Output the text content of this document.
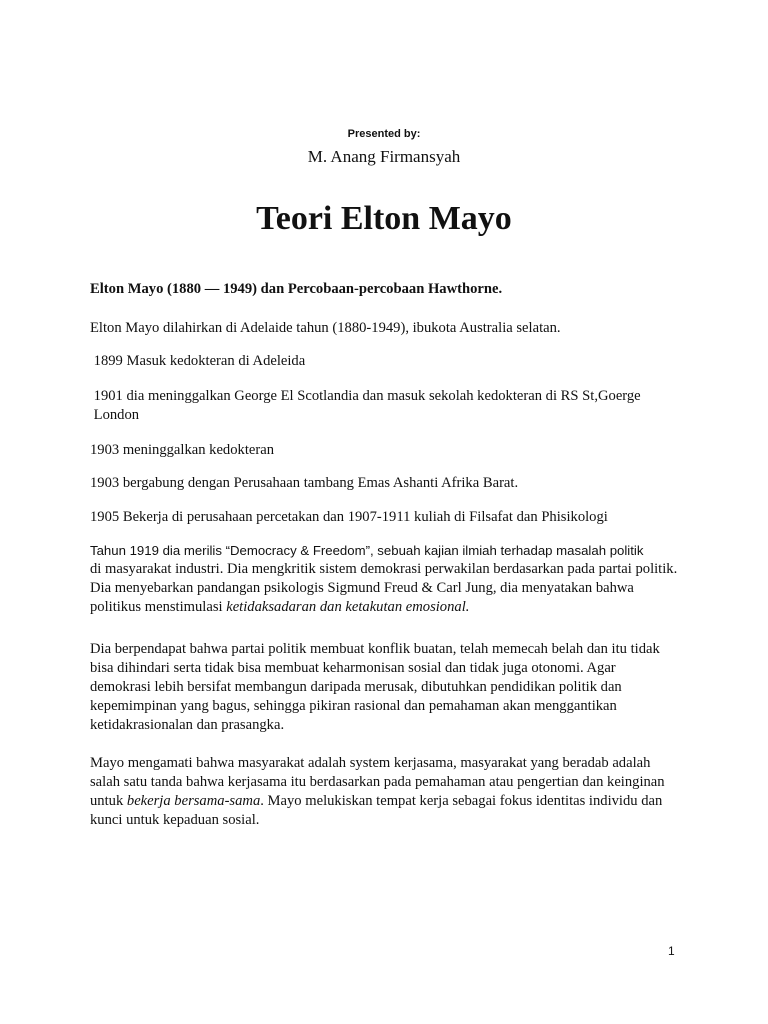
Presented by:
M. Anang Firmansyah
Teori Elton Mayo

Elton Mayo (1880 — 1949) dan Percobaan-percobaan Hawthorne.

Elton Mayo dilahirkan di Adelaide tahun (1880-1949), ibukota Australia selatan.

1899 Masuk kedokteran di Adeleida

1901 dia meninggalkan George El Scotlandia dan masuk sekolah kedokteran di RS St,Goerge

London

1903 meninggalkan kedokteran

1903 bergabung dengan Perusahaan tambang Emas Ashanti Afrika Barat.

1905 Bekerja di perusahaan percetakan dan 1907-1911 kuliah di Filsafat dan Phisikologi

Tahun 1919 dia merilis “Democracy & Freedom”, sebuah kajian ilmiah terhadap masalah politik
di masyarakat industri. Dia mengkritik sistem demokrasi perwakilan berdasarkan pada partai politik. Dia menyebarkan pandangan psikologis Sigmund Freud & Carl Jung, dia menyatakan bahwa politikus menstimulasi ketidaksadaran dan ketakutan emosional.

Dia berpendapat bahwa partai politik membuat konflik buatan, telah memecah belah dan itu tidak bisa dihindari serta tidak bisa membuat keharmonisan sosial dan tidak juga otonomi. Agar demokrasi lebih bersifat membangun daripada merusak, dibutuhkan pendidikan politik dan kepemimpinan yang bagus, sehingga pikiran rasional dan pemahaman akan menggantikan ketidakrasionalan dan prasangka.

Mayo mengamati bahwa masyarakat adalah system kerjasama, masyarakat yang beradab adalah salah satu tanda bahwa kerjasama itu berdasarkan pada pemahaman atau pengertian dan keinginan untuk bekerja bersama-sama. Mayo melukiskan tempat kerja sebagai fokus identitas individu dan kunci untuk kepaduan sosial.

1
